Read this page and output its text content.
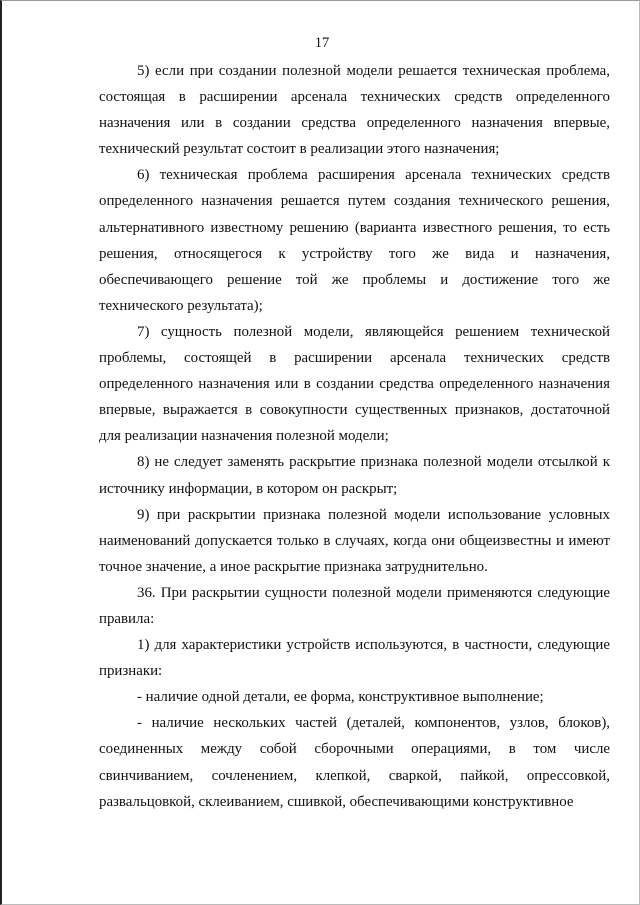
17

5) если при создании полезной модели решается техническая проблема, состоящая в расширении арсенала технических средств определенного назначения или в создании средства определенного назначения впервые, технический результат состоит в реализации этого назначения;

6) техническая проблема расширения арсенала технических средств определенного назначения решается путем создания технического решения, альтернативного известному решению (варианта известного решения, то есть решения, относящегося к устройству того же вида и назначения, обеспечивающего решение той же проблемы и достижение того же технического результата);

7) сущность полезной модели, являющейся решением технической проблемы, состоящей в расширении арсенала технических средств определенного назначения или в создании средства определенного назначения впервые, выражается в совокупности существенных признаков, достаточной для реализации назначения полезной модели;

8) не следует заменять раскрытие признака полезной модели отсылкой к источнику информации, в котором он раскрыт;

9) при раскрытии признака полезной модели использование условных наименований допускается только в случаях, когда они общеизвестны и имеют точное значение, а иное раскрытие признака затруднительно.

36. При раскрытии сущности полезной модели применяются следующие правила:

1) для характеристики устройств используются, в частности, следующие признаки:

- наличие одной детали, ее форма, конструктивное выполнение;

- наличие нескольких частей (деталей, компонентов, узлов, блоков), соединенных между собой сборочными операциями, в том числе свинчиванием, сочленением, клепкой, сваркой, пайкой, опрессовкой, развальцовкой, склеиванием, сшивкой, обеспечивающими конструктивное
